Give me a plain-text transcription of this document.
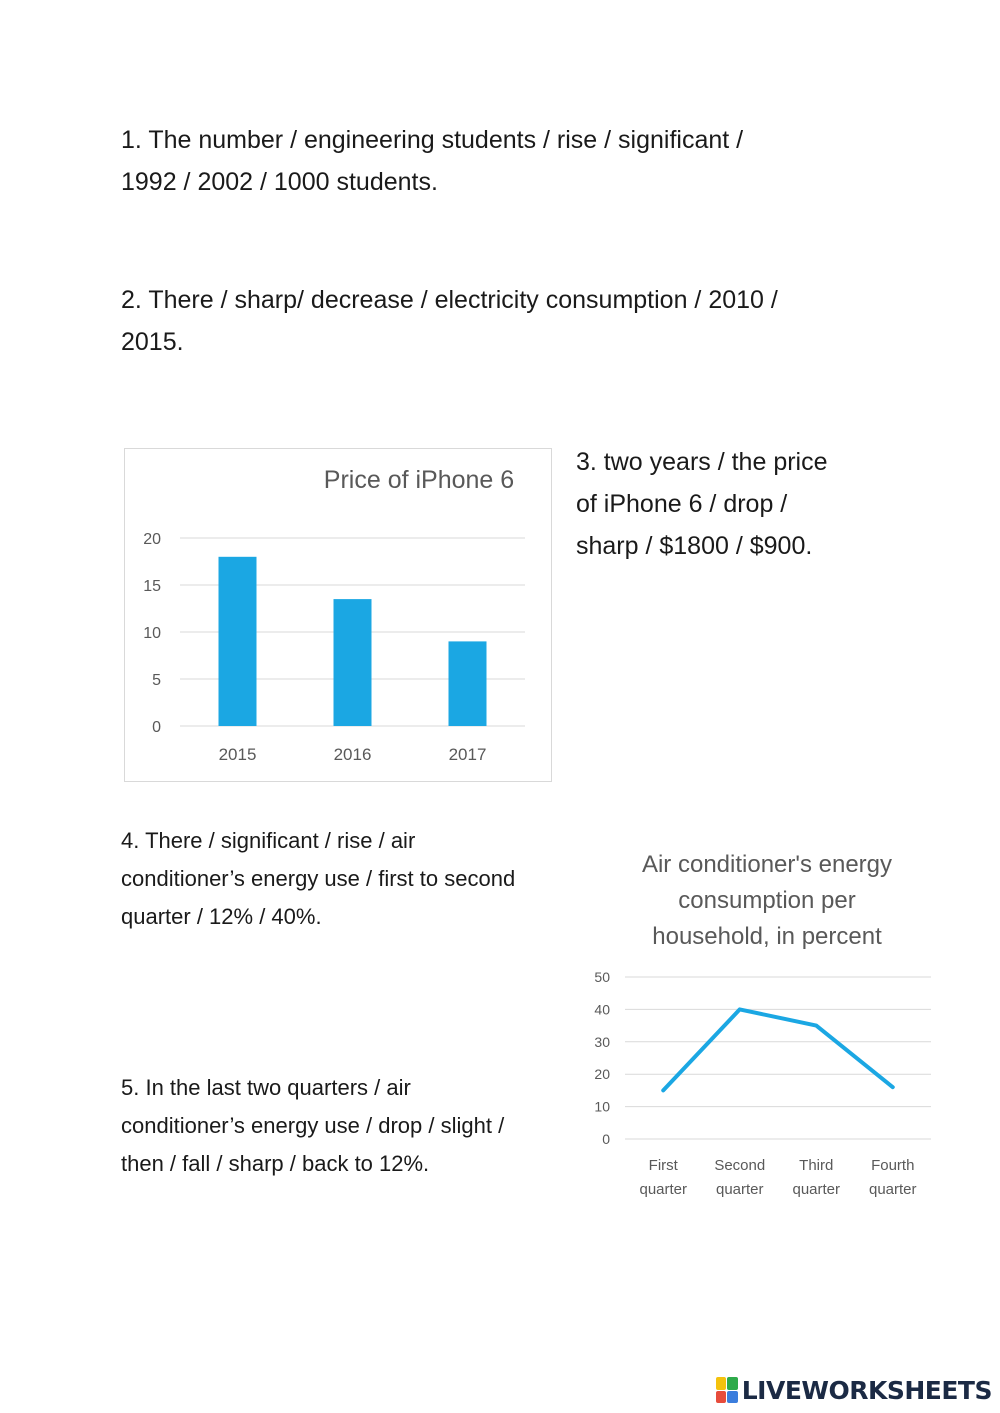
1. The number / engineering students / rise / significant /
1992 / 2002 / 1000 students.

2. There / sharp/ decrease / electricity consumption / 2010 /
2015.

Price of iPhone 6
0
5
10
15
20
2015	2016	2017

3. two years / the price
of iPhone 6 / drop /
sharp / $1800 / $900.

4. There / significant / rise / air
conditioner’s energy use / first to second
quarter / 12% / 40%.

Air conditioner's energy
consumption per
household, in percent
0
10
20
30
40
50
First
quarter
Second
quarter
Third
quarter
Fourth
quarter

5. In the last two quarters / air
conditioner’s energy use / drop / slight /
then / fall / sharp / back to 12%.

LIVEWORKSHEETS
